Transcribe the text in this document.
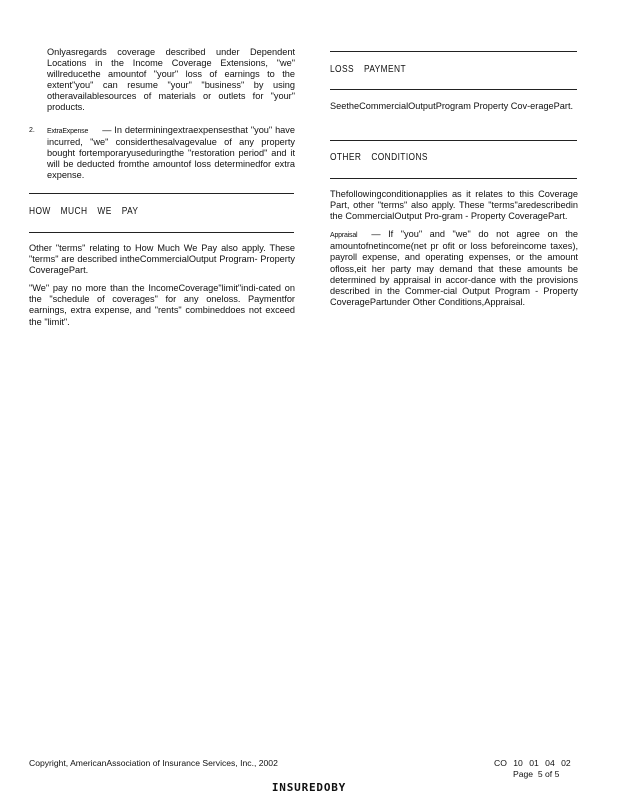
Onlyasregards coverage described under Dependent Locations in the Income Coverage Extensions, "we" willreducethe amountof "your" loss of earnings to the extent"you" can resume "your" "business" by using otheravailablesources of materials or outlets for "your" products.

2. ExtraExpense — In determiningextraexpensesthat "you" have incurred, "we" considerthesalvagevalue of any property bought fortemporaryuseduringthe "restoration period" and it will be deducted fromthe amountof loss determinedfor extra expense.

HOW MUCH WE PAY

Other "terms" relating to How Much We Pay also apply. These "terms" are described intheCommercialOutput Program- Property CoveragePart.

"We" pay no more than the IncomeCoverage"limit"indi-cated on the "schedule of coverages" for any oneloss. Paymentfor earnings, extra expense, and "rents" combineddoes not exceed the "limit".

LOSS PAYMENT

SeetheCommercialOutputProgram Property Cov-eragePart.

OTHER CONDITIONS

Thefollowingconditionapplies as it relates to this Coverage Part, other "terms" also apply. These "terms"aredescribedin the CommercialOutput Pro-gram - Property CoveragePart.

Appraisal — If "you" and "we" do not agree on the amountofnetincome(net pr ofit or loss beforeincome taxes), payroll expense, and operating expenses, or the amount ofloss,eit her party may demand that these amounts be determined by appraisal in accor-dance with the provisions described in the Commer-cial Output Program - Property CoveragePartunder Other Conditions,Appraisal.

Copyright, AmericanAssociation of Insurance Services, Inc., 2002	CO 10 01 04 02
Page 5 of 5
INSUREDOBY
